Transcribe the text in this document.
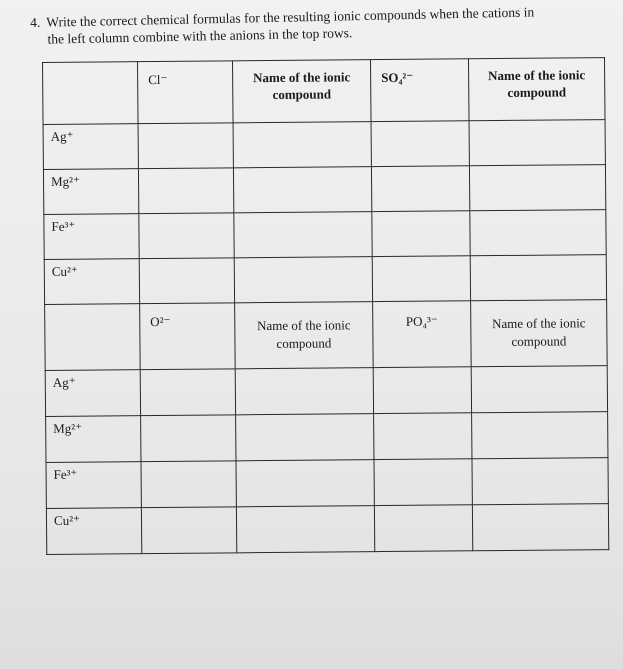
4. Write the correct chemical formulas for the resulting ionic compounds when the cations in
the left column combine with the anions in the top rows.
	Cl⁻	Name of the ionic compound	SO₄²⁻	Name of the ionic compound
Ag⁺				
Mg²⁺				
Fe³⁺				
Cu²⁺				
	O²⁻	Name of the ionic compound	PO₄³⁻	Name of the ionic compound
Ag⁺				
Mg²⁺				
Fe³⁺				
Cu²⁺				
